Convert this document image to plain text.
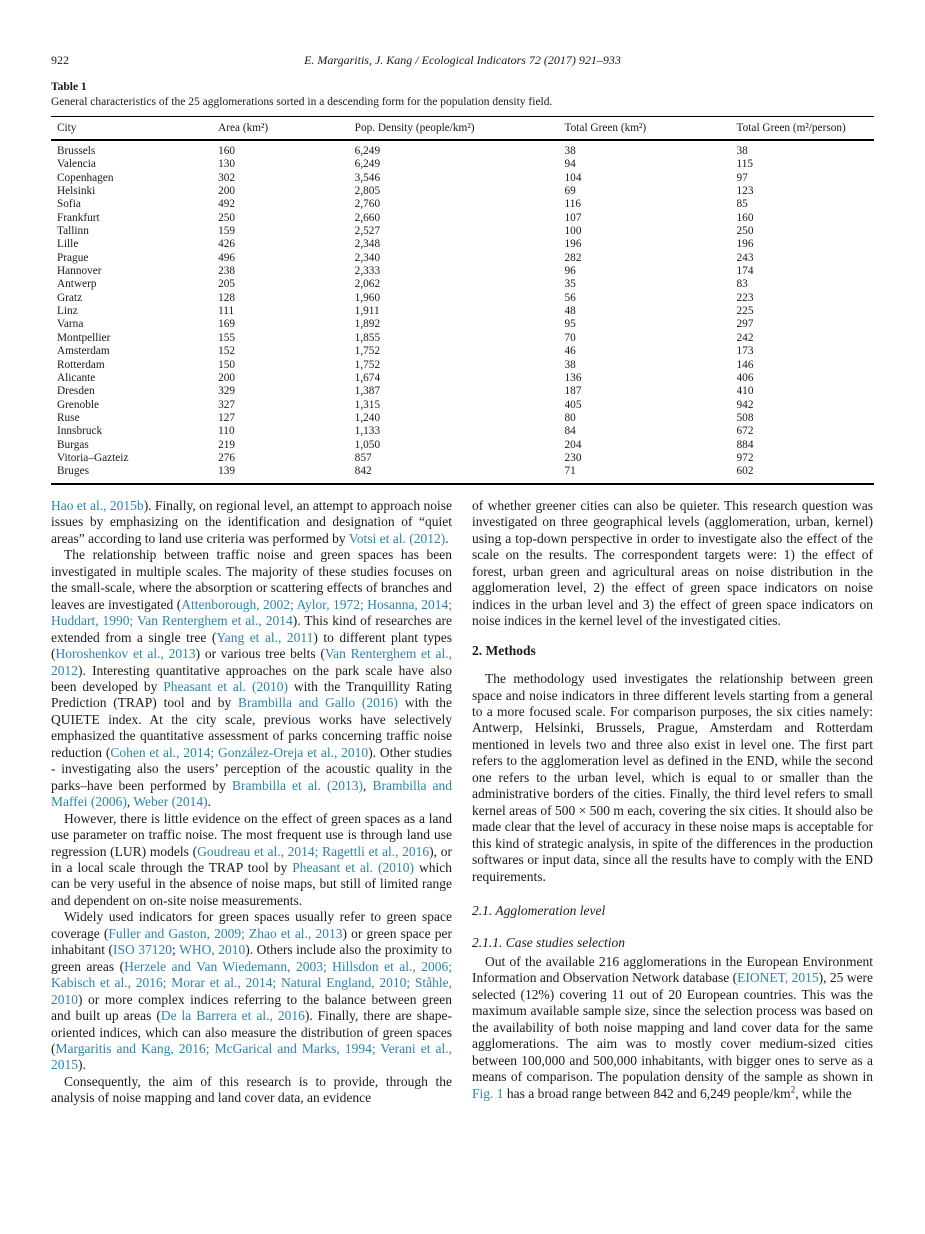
922	E. Margaritis, J. Kang / Ecological Indicators 72 (2017) 921–933

Table 1

General characteristics of the 25 agglomerations sorted in a descending form for the population density field.

City	Area (km²)	Pop. Density (people/km²)	Total Green (km²)	Total Green (m²/person)
Brussels	160	6,249	38	38
Valencia	130	6,249	94	115
Copenhagen	302	3,546	104	97
Helsinki	200	2,805	69	123
Sofia	492	2,760	116	85
Frankfurt	250	2,660	107	160
Tallinn	159	2,527	100	250
Lille	426	2,348	196	196
Prague	496	2,340	282	243
Hannover	238	2,333	96	174
Antwerp	205	2,062	35	83
Gratz	128	1,960	56	223
Linz	111	1,911	48	225
Varna	169	1,892	95	297
Montpellier	155	1,855	70	242
Amsterdam	152	1,752	46	173
Rotterdam	150	1,752	38	146
Alicante	200	1,674	136	406
Dresden	329	1,387	187	410
Grenoble	327	1,315	405	942
Ruse	127	1,240	80	508
Innsbruck	110	1,133	84	672
Burgas	219	1,050	204	884
Vitoria–Gazteiz	276	857	230	972
Bruges	139	842	71	602

Hao et al., 2015b). Finally, on regional level, an attempt to approach noise issues by emphasizing on the identification and designation of “quiet areas” according to land use criteria was performed by Votsi et al. (2012).

The relationship between traffic noise and green spaces has been investigated in multiple scales. The majority of these studies focuses on the small-scale, where the absorption or scattering effects of branches and leaves are investigated (Attenborough, 2002; Aylor, 1972; Hosanna, 2014; Huddart, 1990; Van Renterghem et al., 2014). This kind of researches are extended from a single tree (Yang et al., 2011) to different plant types (Horoshenkov et al., 2013) or various tree belts (Van Renterghem et al., 2012). Interesting quantitative approaches on the park scale have also been developed by Pheasant et al. (2010) with the Tranquillity Rating Prediction (TRAP) tool and by Brambilla and Gallo (2016) with the QUIETE index. At the city scale, previous works have selectively emphasized the quantitative assessment of parks concerning traffic noise reduction (Cohen et al., 2014; González-Oreja et al., 2010). Other studies - investigating also the users’ perception of the acoustic quality in the parks–have been performed by Brambilla et al. (2013), Brambilla and Maffei (2006), Weber (2014).

However, there is little evidence on the effect of green spaces as a land use parameter on traffic noise. The most frequent use is through land use regression (LUR) models (Goudreau et al., 2014; Ragettli et al., 2016), or in a local scale through the TRAP tool by Pheasant et al. (2010) which can be very useful in the absence of noise maps, but still of limited range and dependent on on-site noise measurements.

Widely used indicators for green spaces usually refer to green space coverage (Fuller and Gaston, 2009; Zhao et al., 2013) or green space per inhabitant (ISO 37120; WHO, 2010). Others include also the proximity to green areas (Herzele and Van Wiedemann, 2003; Hillsdon et al., 2006; Kabisch et al., 2016; Morar et al., 2014; Natural England, 2010; Ståhle, 2010) or more complex indices referring to the balance between green and built up areas (De la Barrera et al., 2016). Finally, there are shape-oriented indices, which can also measure the distribution of green spaces (Margaritis and Kang, 2016; McGarical and Marks, 1994; Verani et al., 2015).

Consequently, the aim of this research is to provide, through the analysis of noise mapping and land cover data, an evidence

of whether greener cities can also be quieter. This research question was investigated on three geographical levels (agglomeration, urban, kernel) using a top-down perspective in order to investigate also the effect of the scale on the results. The correspondent targets were: 1) the effect of forest, urban green and agricultural areas on noise distribution in the agglomeration level, 2) the effect of green space indicators on noise indices in the urban level and 3) the effect of green space indicators on noise indices in the kernel level of the investigated cities.

2. Methods

The methodology used investigates the relationship between green space and noise indicators in three different levels starting from a general to a more focused scale. For comparison purposes, the six cities namely: Antwerp, Helsinki, Brussels, Prague, Amsterdam and Rotterdam mentioned in levels two and three also exist in level one. The first part refers to the agglomeration level as defined in the END, while the second one refers to the urban level, which is equal to or smaller than the administrative borders of the cities. Finally, the third level refers to small kernel areas of 500 × 500 m each, covering the six cities. It should also be made clear that the level of accuracy in these noise maps is acceptable for this kind of strategic analysis, in spite of the differences in the production softwares or input data, since all the results have to comply with the END requirements.

2.1. Agglomeration level
2.1.1. Case studies selection

Out of the available 216 agglomerations in the European Environment Information and Observation Network database (EIONET, 2015), 25 were selected (12%) covering 11 out of 20 European countries. This was the maximum available sample size, since the selection process was based on the availability of both noise mapping and land cover data for the same agglomerations. The aim was to mostly cover medium-sized cities between 100,000 and 500,000 inhabitants, with bigger ones to serve as a means of comparison. The population density of the sample as shown in Fig. 1 has a broad range between 842 and 6,249 people/$km^2$, while the
